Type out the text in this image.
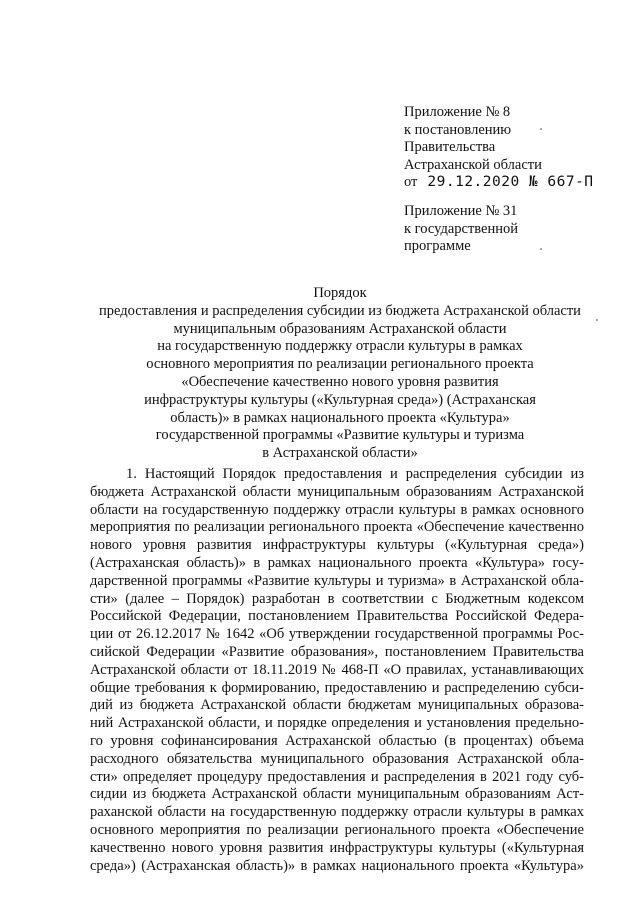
Приложение № 8
к постановлению
Правительства
Астраханской области
от 29.12.2020 № 667-П
Приложение № 31
к государственной
программе
Порядок
предоставления и распределения субсидии из бюджета Астраханской области
муниципальным образованиям Астраханской области
на государственную поддержку отрасли культуры в рамках
основного мероприятия по реализации регионального проекта
«Обеспечение качественно нового уровня развития
инфраструктуры культуры («Культурная среда») (Астраханская
область)» в рамках национального проекта «Культура»
государственной программы «Развитие культуры и туризма
в Астраханской области»
1. Настоящий Порядок предоставления и распределения субсидии из
бюджета Астраханской области муниципальным образованиям Астраханской
области на государственную поддержку отрасли культуры в рамках основного
мероприятия по реализации регионального проекта «Обеспечение качественно
нового уровня развития инфраструктуры культуры («Культурная среда»)
(Астраханская область)» в рамках национального проекта «Культура» госу-
дарственной программы «Развитие культуры и туризма» в Астраханской обла-
сти» (далее – Порядок) разработан в соответствии с Бюджетным кодексом
Российской Федерации, постановлением Правительства Российской Федера-
ции от 26.12.2017 № 1642 «Об утверждении государственной программы Рос-
сийской Федерации «Развитие образования», постановлением Правительства
Астраханской области от 18.11.2019 № 468-П «О правилах, устанавливающих
общие требования к формированию, предоставлению и распределению субси-
дий из бюджета Астраханской области бюджетам муниципальных образова-
ний Астраханской области, и порядке определения и установления предельно-
го уровня софинансирования Астраханской областью (в процентах) объема
расходного обязательства муниципального образования Астраханской обла-
сти» определяет процедуру предоставления и распределения в 2021 году суб-
сидии из бюджета Астраханской области муниципальным образованиям Аст-
раханской области на государственную поддержку отрасли культуры в рамках
основного мероприятия по реализации регионального проекта «Обеспечение
качественно нового уровня развития инфраструктуры культуры («Культурная
среда») (Астраханская область)» в рамках национального проекта «Культура»
